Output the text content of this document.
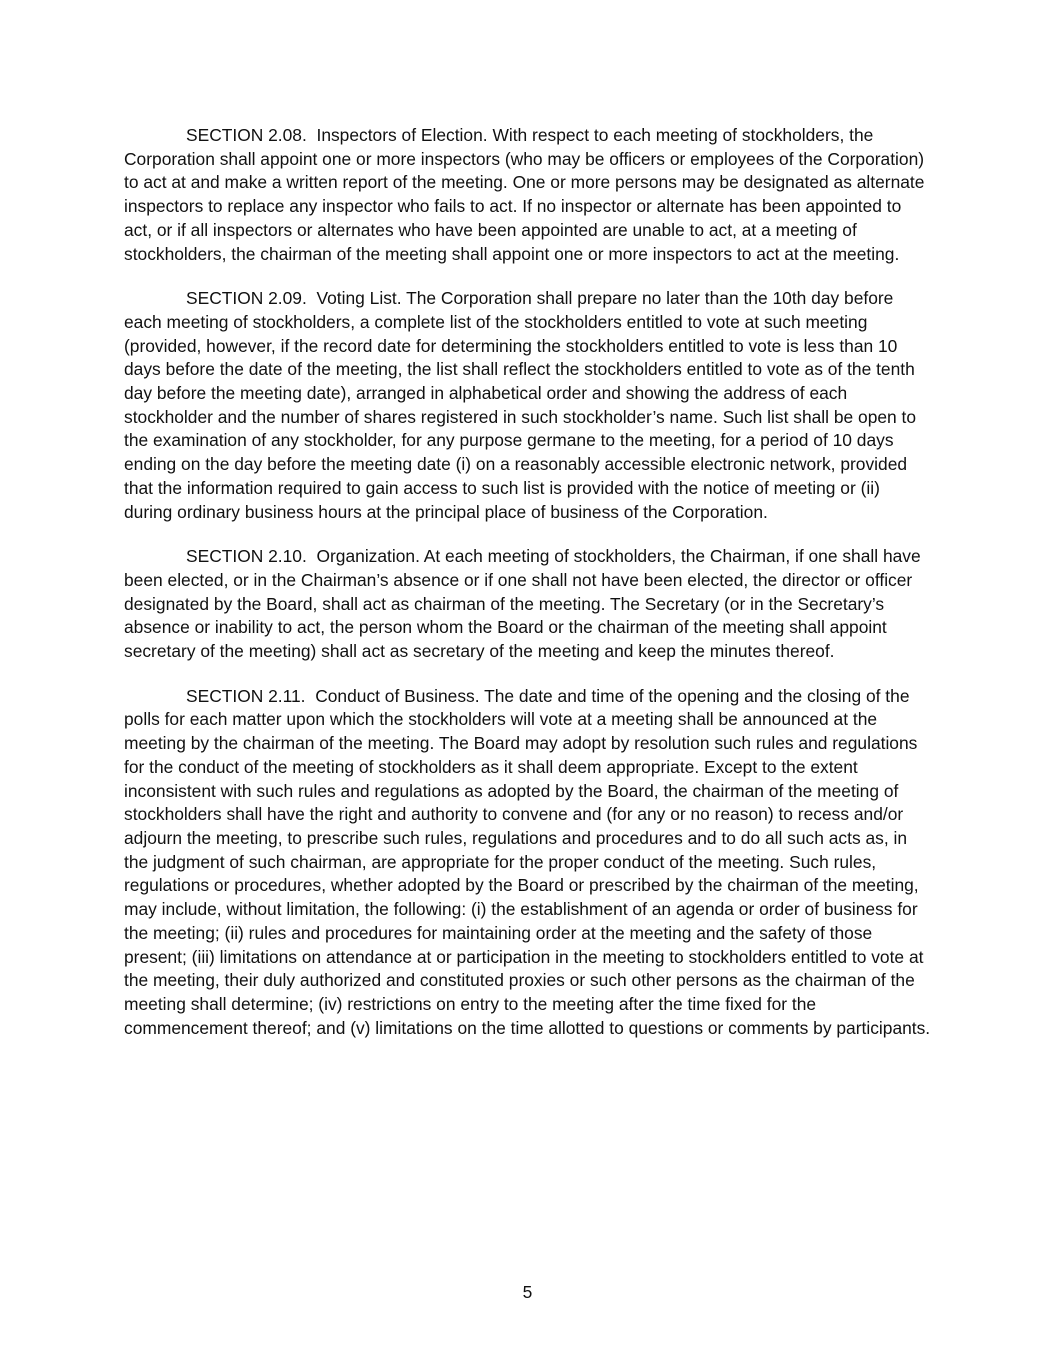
SECTION 2.08. Inspectors of Election. With respect to each meeting of stockholders, the Corporation shall appoint one or more inspectors (who may be officers or employees of the Corporation) to act at and make a written report of the meeting. One or more persons may be designated as alternate inspectors to replace any inspector who fails to act. If no inspector or alternate has been appointed to act, or if all inspectors or alternates who have been appointed are unable to act, at a meeting of stockholders, the chairman of the meeting shall appoint one or more inspectors to act at the meeting.

SECTION 2.09. Voting List. The Corporation shall prepare no later than the 10th day before each meeting of stockholders, a complete list of the stockholders entitled to vote at such meeting (provided, however, if the record date for determining the stockholders entitled to vote is less than 10 days before the date of the meeting, the list shall reflect the stockholders entitled to vote as of the tenth day before the meeting date), arranged in alphabetical order and showing the address of each stockholder and the number of shares registered in such stockholder’s name. Such list shall be open to the examination of any stockholder, for any purpose germane to the meeting, for a period of 10 days ending on the day before the meeting date (i) on a reasonably accessible electronic network, provided that the information required to gain access to such list is provided with the notice of meeting or (ii) during ordinary business hours at the principal place of business of the Corporation.

SECTION 2.10. Organization. At each meeting of stockholders, the Chairman, if one shall have been elected, or in the Chairman’s absence or if one shall not have been elected, the director or officer designated by the Board, shall act as chairman of the meeting. The Secretary (or in the Secretary’s absence or inability to act, the person whom the Board or the chairman of the meeting shall appoint secretary of the meeting) shall act as secretary of the meeting and keep the minutes thereof.

SECTION 2.11. Conduct of Business. The date and time of the opening and the closing of the polls for each matter upon which the stockholders will vote at a meeting shall be announced at the meeting by the chairman of the meeting. The Board may adopt by resolution such rules and regulations for the conduct of the meeting of stockholders as it shall deem appropriate. Except to the extent inconsistent with such rules and regulations as adopted by the Board, the chairman of the meeting of stockholders shall have the right and authority to convene and (for any or no reason) to recess and/or adjourn the meeting, to prescribe such rules, regulations and procedures and to do all such acts as, in the judgment of such chairman, are appropriate for the proper conduct of the meeting. Such rules, regulations or procedures, whether adopted by the Board or prescribed by the chairman of the meeting, may include, without limitation, the following: (i) the establishment of an agenda or order of business for the meeting; (ii) rules and procedures for maintaining order at the meeting and the safety of those present; (iii) limitations on attendance at or participation in the meeting to stockholders entitled to vote at the meeting, their duly authorized and constituted proxies or such other persons as the chairman of the meeting shall determine; (iv) restrictions on entry to the meeting after the time fixed for the commencement thereof; and (v) limitations on the time allotted to questions or comments by participants.

5
